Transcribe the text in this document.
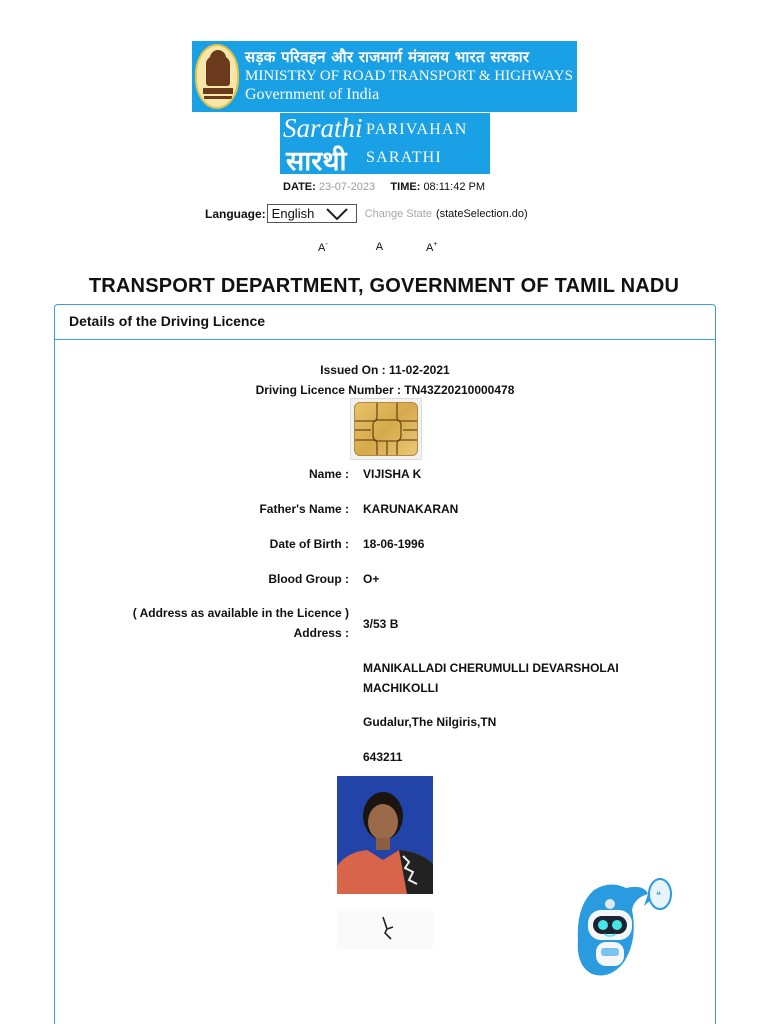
सड़क परिवहन और राजमार्ग मंत्रालय भारत सरकार
MINISTRY OF ROAD TRANSPORT & HIGHWAYS
Government of India
Sarathi
सारथी
PARIVAHAN
SARATHI
DATE: 23-07-2023 TIME: 08:11:42 PM
Language: English	Change State (stateSelection.do)
A-	A	A+
TRANSPORT DEPARTMENT, GOVERNMENT OF TAMIL NADU
Details of the Driving Licence
Issued On : 11-02-2021
Driving Licence Number : TN43Z20210000478
Name : VIJISHA K
Father's Name : KARUNAKARAN
Date of Birth : 18-06-1996
Blood Group : O+
( Address as available in the Licence )
Address :
3/53 B
MANIKALLADI CHERUMULLI DEVARSHOLAI
MACHIKOLLI
Gudalur,The Nilgiris,TN
643211
❝
